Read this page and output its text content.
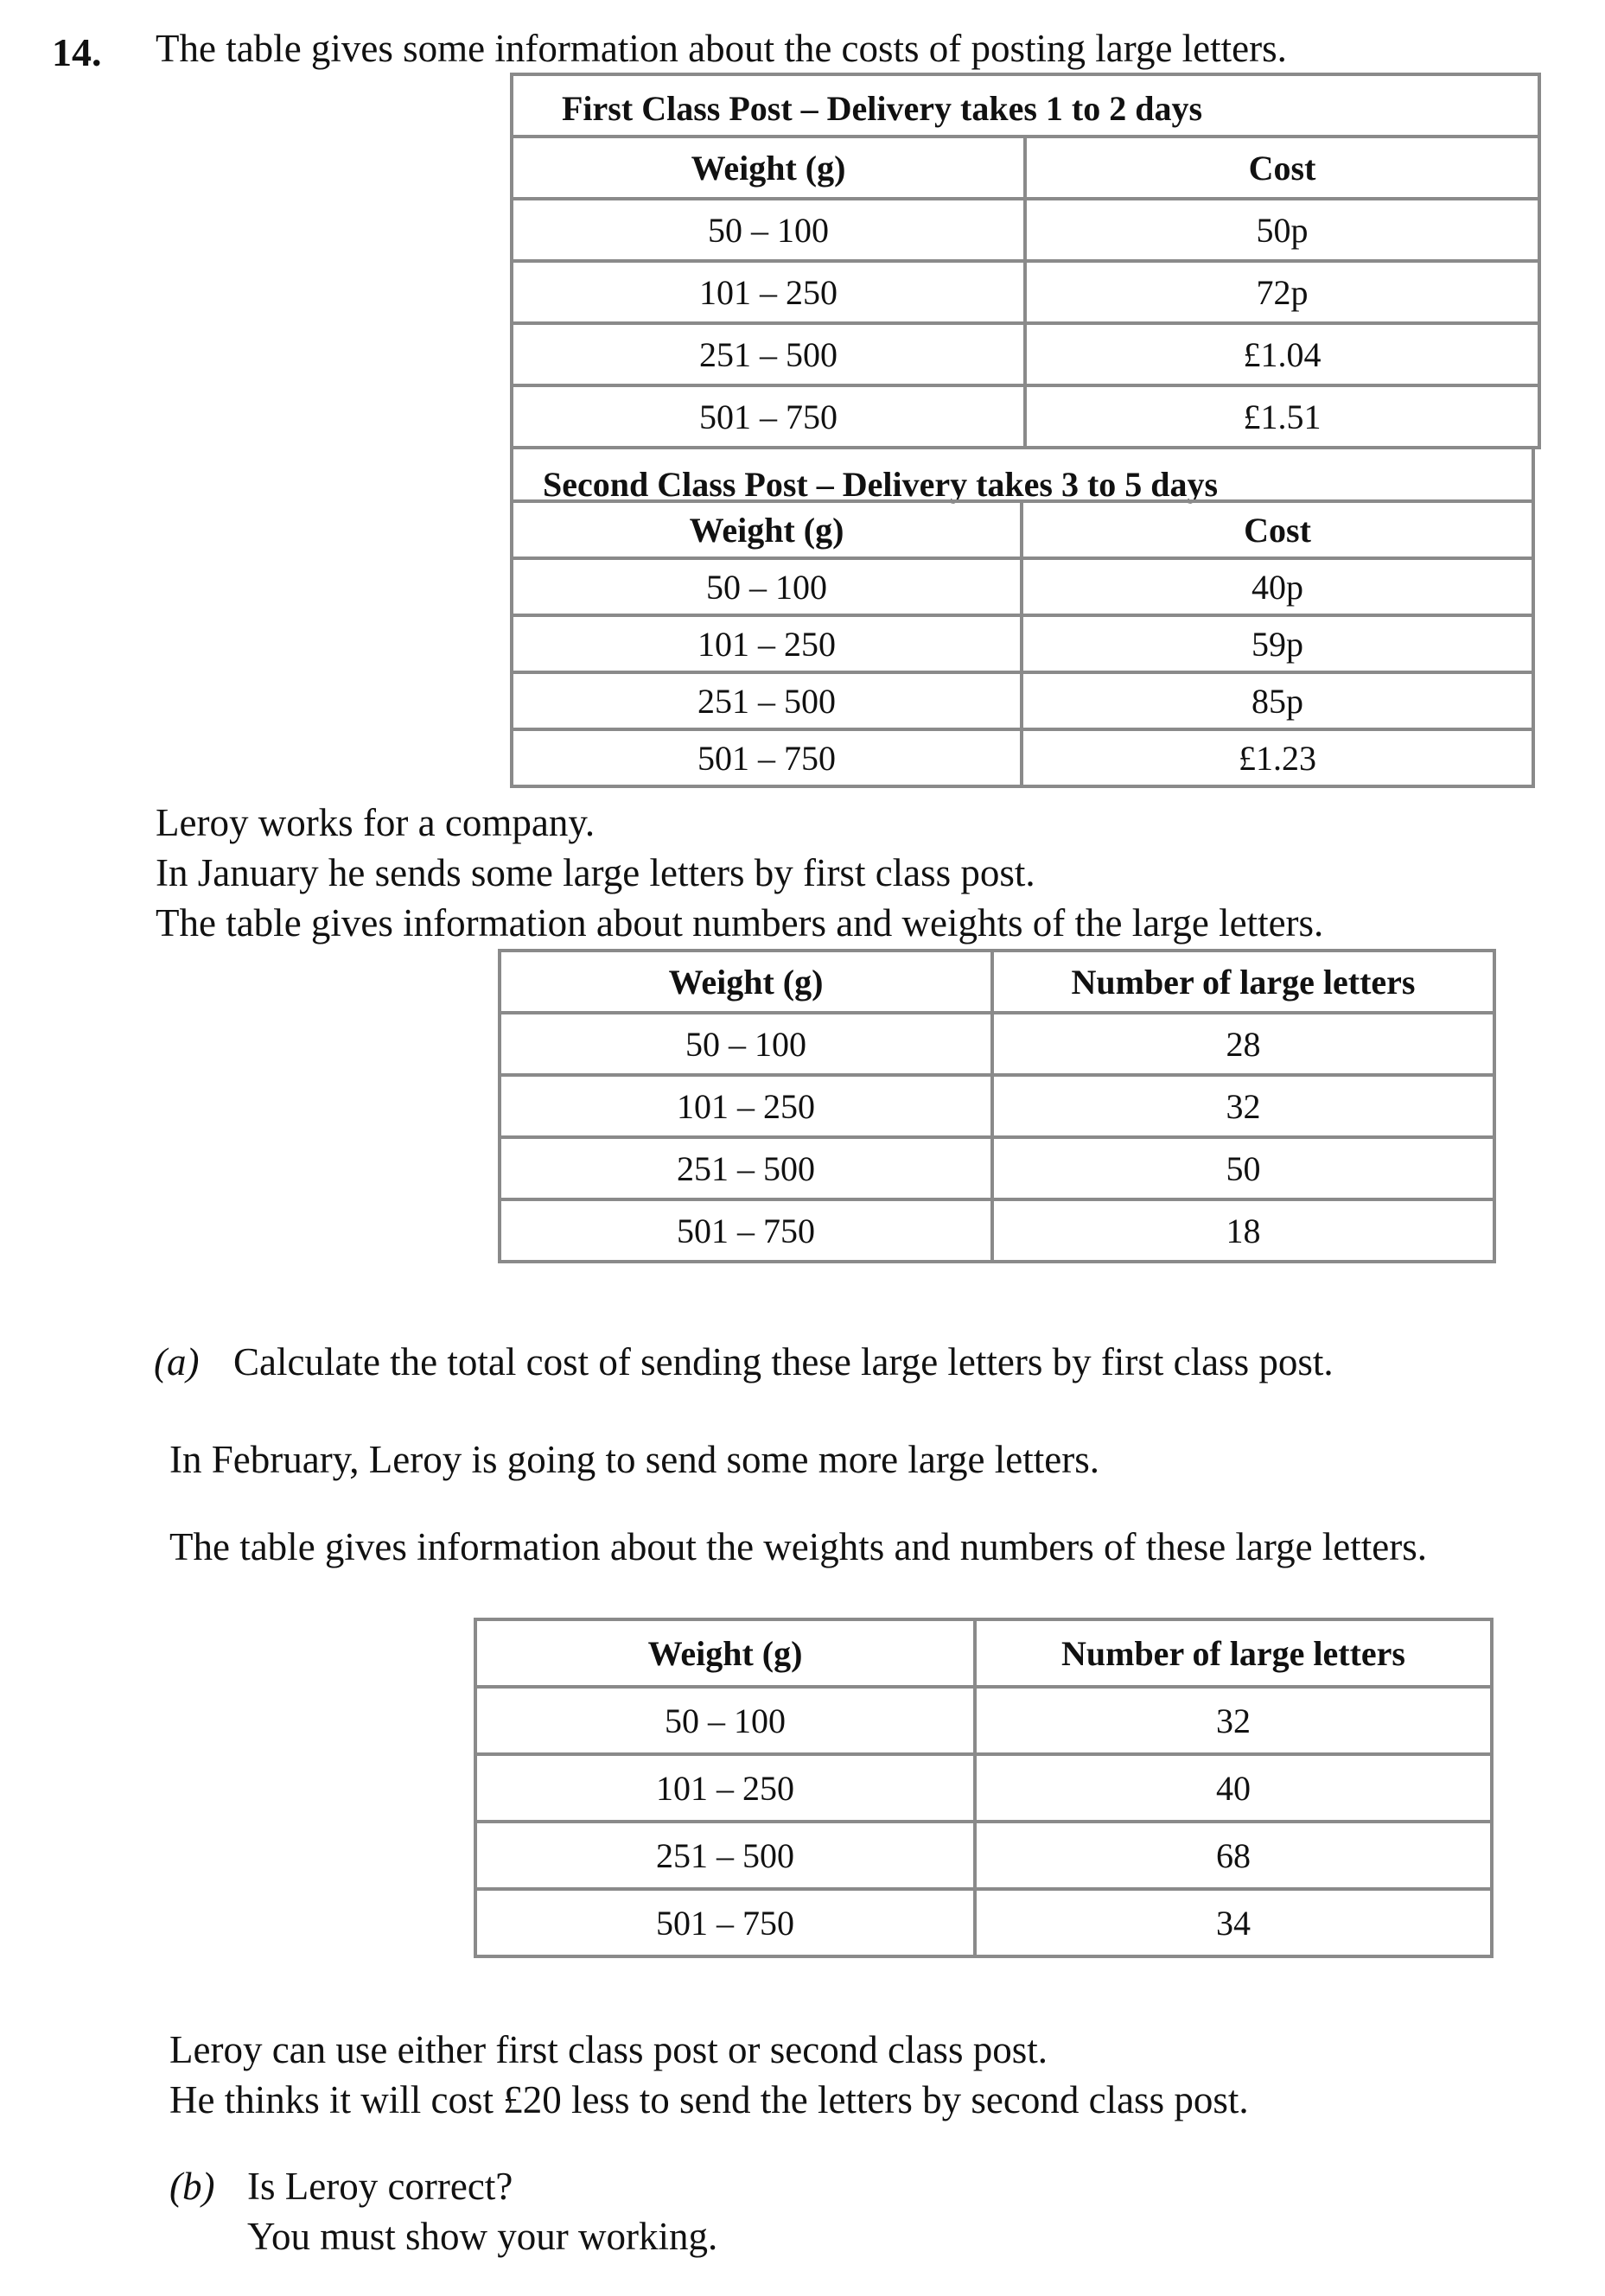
14. The table gives some information about the costs of posting large letters.
First Class Post – Delivery takes 1 to 2 days
Weight (g)	Cost
50 – 100	50p
101 – 250	72p
251 – 500	£1.04
501 – 750	£1.51
Second Class Post – Delivery takes 3 to 5 days
Weight (g)	Cost
50 – 100	40p
101 – 250	59p
251 – 500	85p
501 – 750	£1.23
Leroy works for a company.
In January he sends some large letters by first class post.
The table gives information about numbers and weights of the large letters.
Weight (g)	Number of large letters
50 – 100	28
101 – 250	32
251 – 500	50
501 – 750	18
(a) Calculate the total cost of sending these large letters by first class post.
In February, Leroy is going to send some more large letters.
The table gives information about the weights and numbers of these large letters.
Weight (g)	Number of large letters
50 – 100	32
101 – 250	40
251 – 500	68
501 – 750	34
Leroy can use either first class post or second class post.
He thinks it will cost £20 less to send the letters by second class post.
(b) Is Leroy correct?
You must show your working.
